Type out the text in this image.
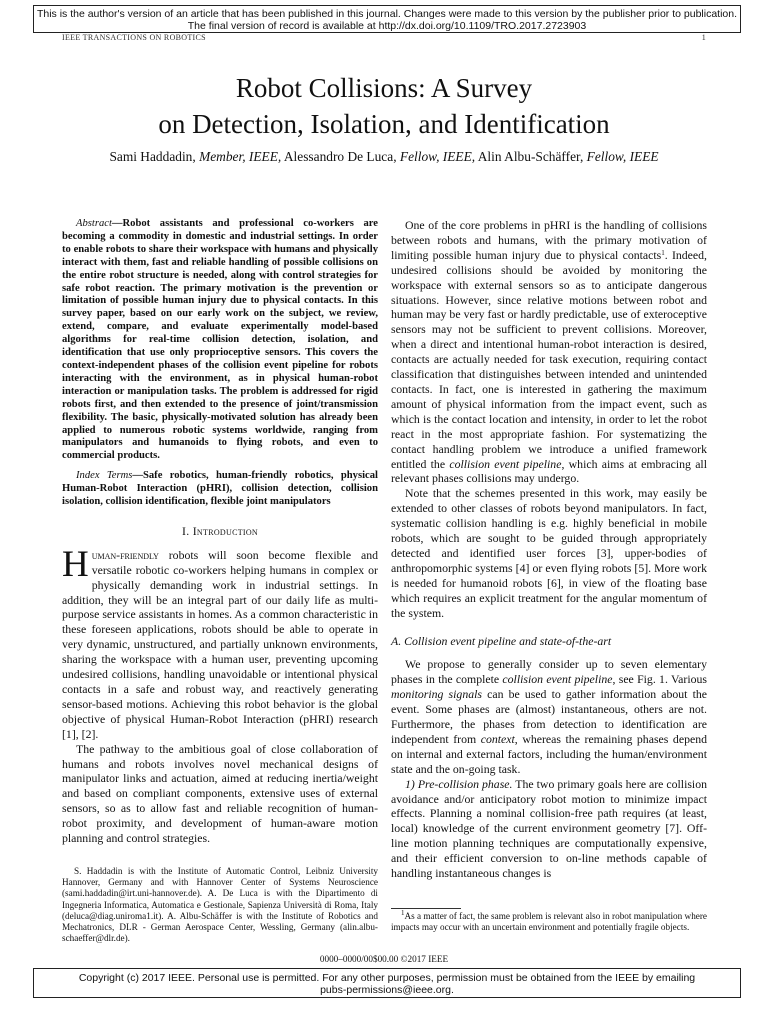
This is the author's version of an article that has been published in this journal. Changes were made to this version by the publisher prior to publication.
The final version of record is available at http://dx.doi.org/10.1109/TRO.2017.2723903
IEEE TRANSACTIONS ON ROBOTICS	1
Robot Collisions: A Survey
on Detection, Isolation, and Identification
Sami Haddadin, Member, IEEE, Alessandro De Luca, Fellow, IEEE, Alin Albu-Schäffer, Fellow, IEEE

Abstract—Robot assistants and professional co-workers are becoming a commodity in domestic and industrial settings. In order to enable robots to share their workspace with humans and physically interact with them, fast and reliable handling of possible collisions on the entire robot structure is needed, along with control strategies for safe robot reaction. The primary motivation is the prevention or limitation of possible human injury due to physical contacts. In this survey paper, based on our early work on the subject, we review, extend, compare, and evaluate experimentally model-based algorithms for real-time collision detection, isolation, and identification that use only proprioceptive sensors. This covers the context-independent phases of the collision event pipeline for robots interacting with the environment, as in physical human-robot interaction or manipulation tasks. The problem is addressed for rigid robots first, and then extended to the presence of joint/transmission flexibility. The basic, physically-motivated solution has already been applied to numerous robotic systems worldwide, ranging from manipulators and humanoids to flying robots, and even to commercial products.

Index Terms—Safe robotics, human-friendly robotics, physical Human-Robot Interaction (pHRI), collision detection, collision isolation, collision identification, flexible joint manipulators

I. Introduction

Human-friendly robots will soon become flexible and versatile robotic co-workers helping humans in complex or physically demanding work in industrial settings. In addition, they will be an integral part of our daily life as multi-purpose service assistants in homes. As a common characteristic in these foreseen applications, robots should be able to operate in very dynamic, unstructured, and partially unknown environments, sharing the workspace with a human user, preventing upcoming undesired collisions, handling unavoidable or intentional physical contacts in a safe and robust way, and reactively generating sensor-based motions. Achieving this robot behavior is the global objective of physical Human-Robot Interaction (pHRI) research [1], [2].

The pathway to the ambitious goal of close collaboration of humans and robots involves novel mechanical designs of manipulator links and actuation, aimed at reducing inertia/weight and based on compliant components, extensive uses of external sensors, so as to allow fast and reliable recognition of human-robot proximity, and development of human-aware motion planning and control strategies.

S. Haddadin is with the Institute of Automatic Control, Leibniz University Hannover, Germany and with Hannover Center of Systems Neuroscience (sami.haddadin@irt.uni-hannover.de). A. De Luca is with the Dipartimento di Ingegneria Informatica, Automatica e Gestionale, Sapienza Università di Roma, Italy (deluca@diag.uniroma1.it). A. Albu-Schäffer is with the Institute of Robotics and Mechatronics, DLR - German Aerospace Center, Wessling, Germany (alin.albu-schaeffer@dlr.de).

One of the core problems in pHRI is the handling of collisions between robots and humans, with the primary motivation of limiting possible human injury due to physical contacts$^1$. Indeed, undesired collisions should be avoided by monitoring the workspace with external sensors so as to anticipate dangerous situations. However, since relative motions between robot and human may be very fast or hardly predictable, use of exteroceptive sensors may not be sufficient to prevent collisions. Moreover, when a direct and intentional human-robot interaction is desired, contacts are actually needed for task execution, requiring contact classification that distinguishes between intended and unintended contacts. In fact, one is interested in gathering the maximum amount of physical information from the impact event, such as which is the contact location and intensity, in order to let the robot react in the most appropriate fashion. For systematizing the contact handling problem we introduce a unified framework entitled the collision event pipeline, which aims at embracing all relevant phases collisions may undergo.

Note that the schemes presented in this work, may easily be extended to other classes of robots beyond manipulators. In fact, systematic collision handling is e.g. highly beneficial in mobile robots, which are sought to be guided through appropriately detected and identified user forces [3], upper-bodies of anthropomorphic systems [4] or even flying robots [5]. More work is needed for humanoid robots [6], in view of the floating base which requires an explicit treatment for the angular momentum of the system.

A. Collision event pipeline and state-of-the-art

We propose to generally consider up to seven elementary phases in the complete collision event pipeline, see Fig. 1. Various monitoring signals can be used to gather information about the event. Some phases are (almost) instantaneous, others are not. Furthermore, the phases from detection to identification are independent from context, whereas the remaining phases depend on internal and external factors, including the human/environment state and the on-going task.

1) Pre-collision phase. The two primary goals here are collision avoidance and/or anticipatory robot motion to minimize impact effects. Planning a nominal collision-free path requires (at least, local) knowledge of the current environment geometry [7]. Off-line motion planning techniques are computationally expensive, and their efficient conversion to on-line methods capable of handling instantaneous changes is

$^1$As a matter of fact, the same problem is relevant also in robot manipulation where impacts may occur with an uncertain environment and potentially fragile objects.
0000–0000/00$00.00 ©2017 IEEE
Copyright (c) 2017 IEEE. Personal use is permitted. For any other purposes, permission must be obtained from the IEEE by emailing
pubs-permissions@ieee.org.
